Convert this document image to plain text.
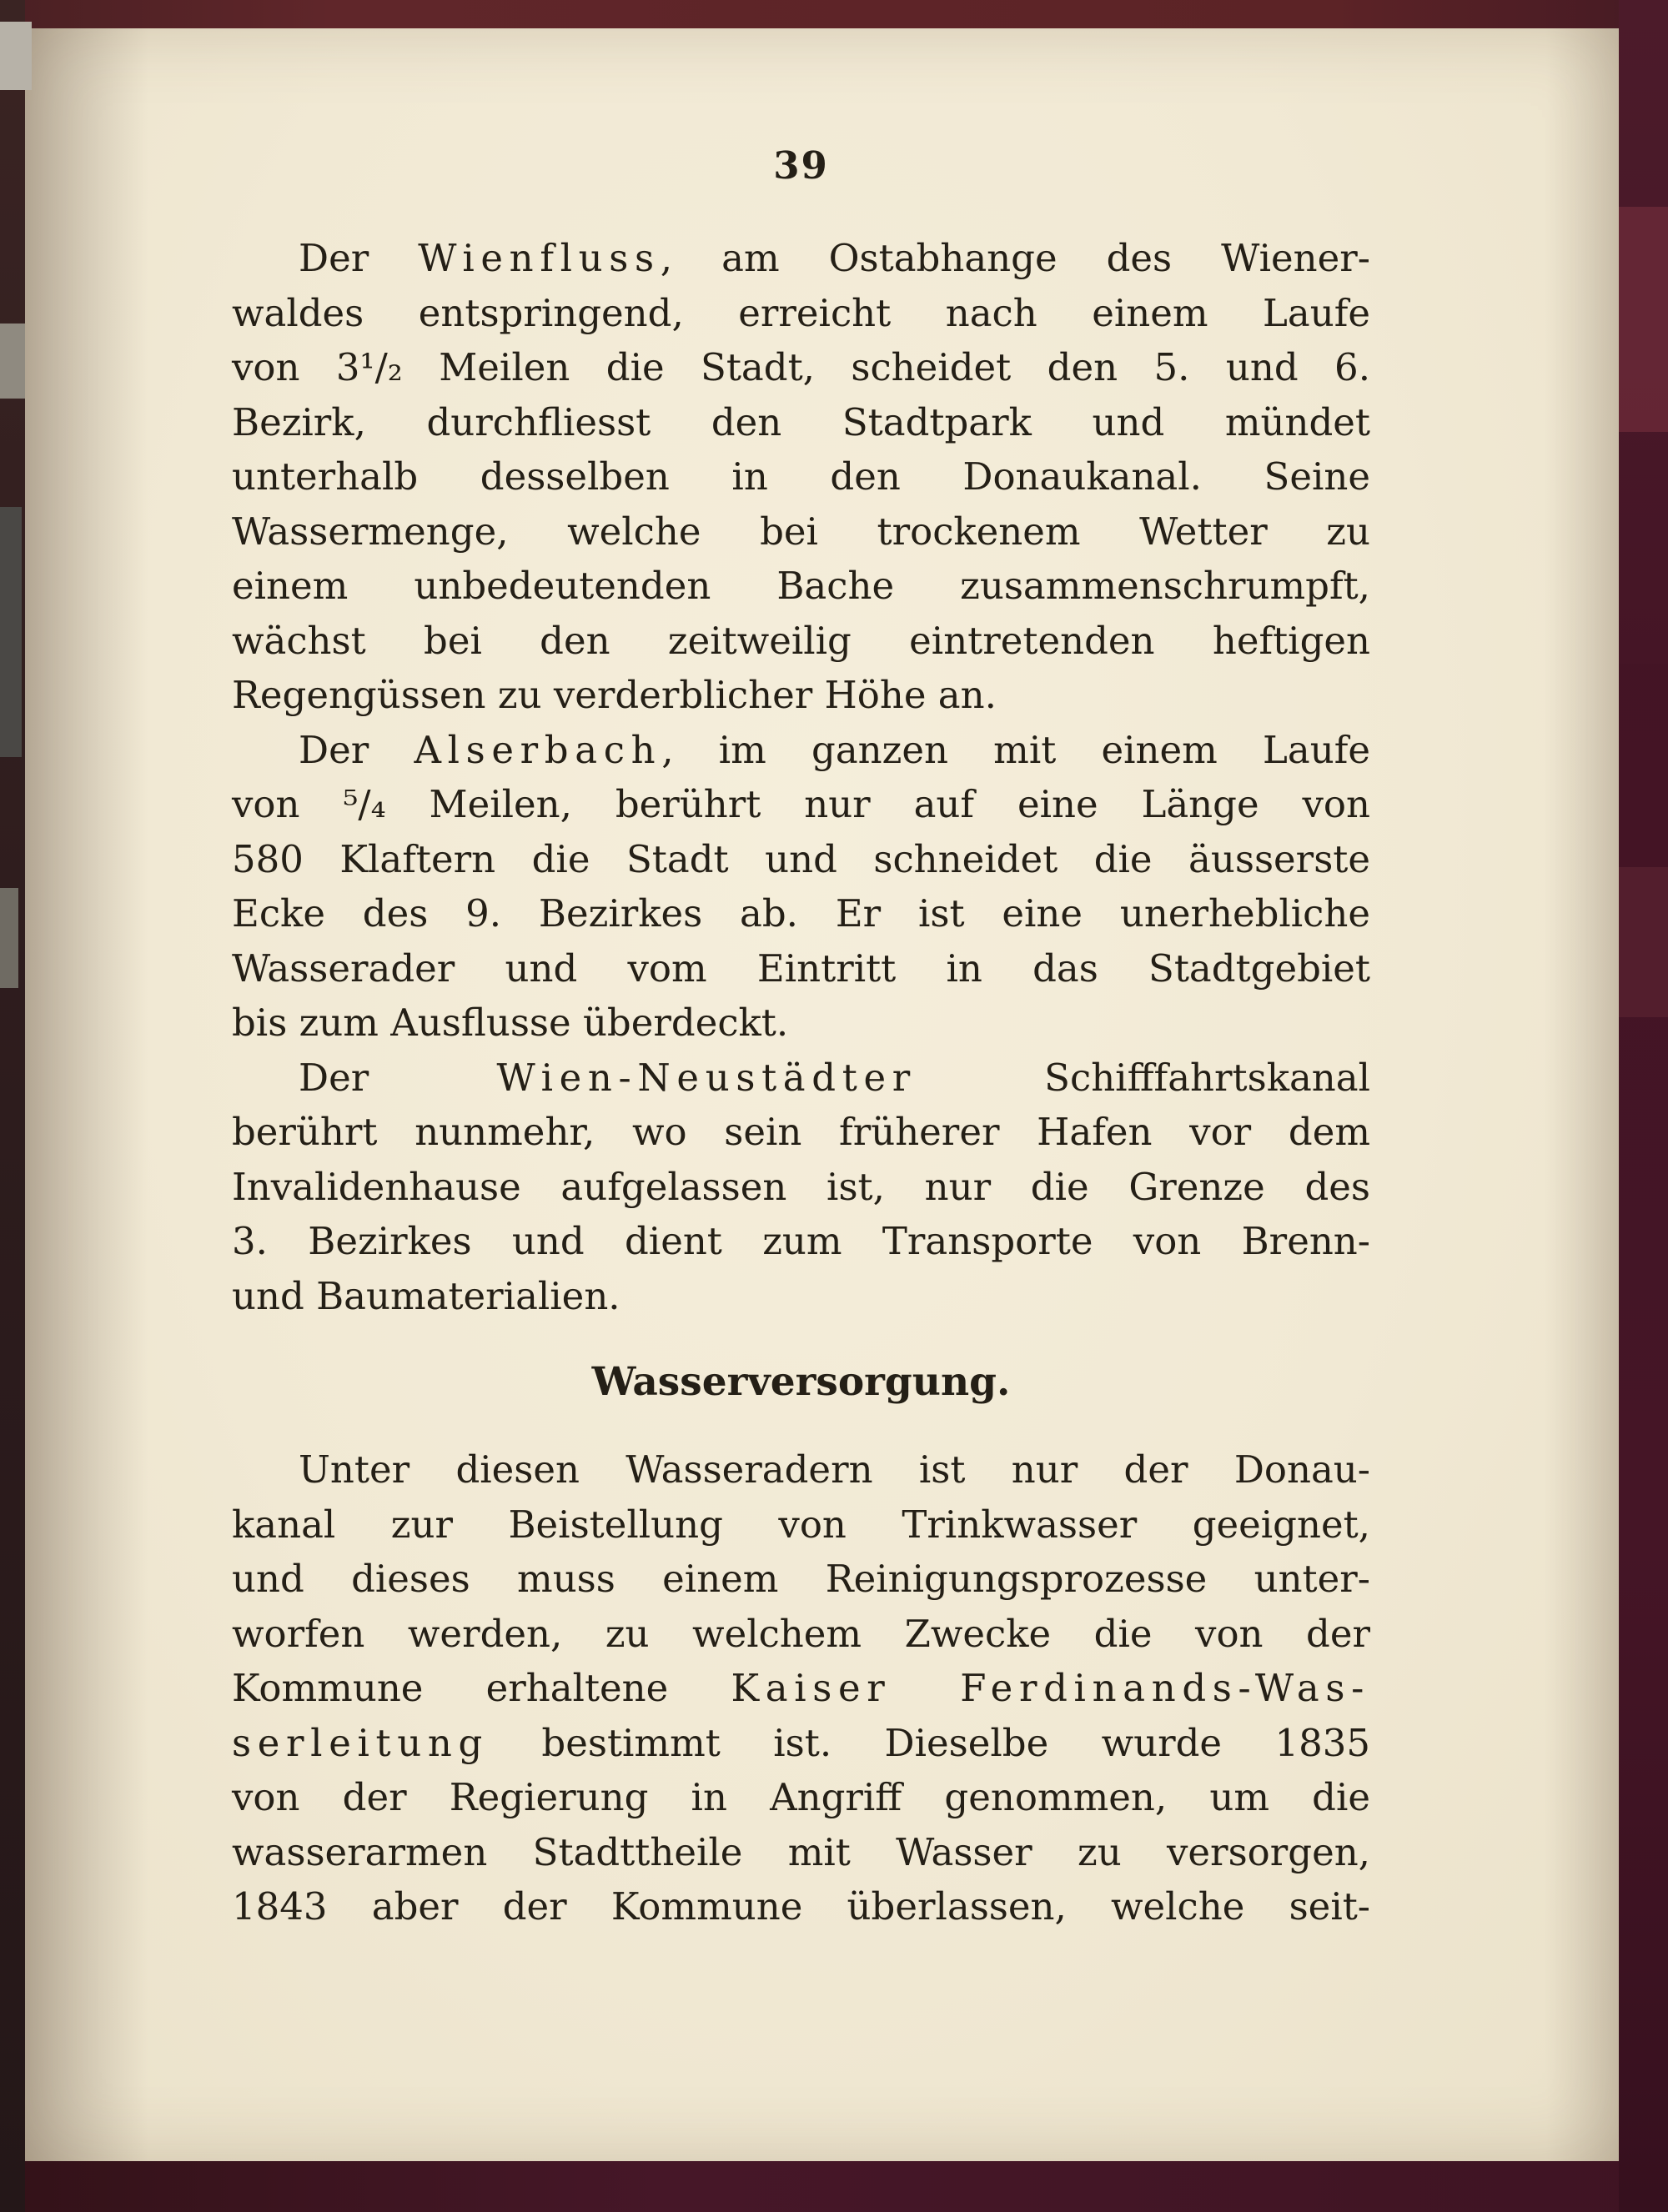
39
Der Wienfluss, am Ostabhange des Wiener-
waldes entspringend, erreicht nach einem Laufe
von 3¹/₂ Meilen die Stadt, scheidet den 5. und 6.
Bezirk, durchfliesst den Stadtpark und mündet
unterhalb desselben in den Donaukanal. Seine
Wassermenge, welche bei trockenem Wetter zu
einem unbedeutenden Bache zusammenschrumpft,
wächst bei den zeitweilig eintretenden heftigen
Regengüssen zu verderblicher Höhe an.
Der Alserbach, im ganzen mit einem Laufe
von ⁵/₄ Meilen, berührt nur auf eine Länge von
580 Klaftern die Stadt und schneidet die äusserste
Ecke des 9. Bezirkes ab. Er ist eine unerhebliche
Wasserader und vom Eintritt in das Stadtgebiet
bis zum Ausflusse überdeckt.
Der Wien-Neustädter Schifffahrtskanal
berührt nunmehr, wo sein früherer Hafen vor dem
Invalidenhause aufgelassen ist, nur die Grenze des
3. Bezirkes und dient zum Transporte von Brenn-
und Baumaterialien.
Wasserversorgung.
Unter diesen Wasseradern ist nur der Donau-
kanal zur Beistellung von Trinkwasser geeignet,
und dieses muss einem Reinigungsprozesse unter-
worfen werden, zu welchem Zwecke die von der
Kommune erhaltene Kaiser Ferdinands-Was-
serleitung bestimmt ist. Dieselbe wurde 1835
von der Regierung in Angriff genommen, um die
wasserarmen Stadttheile mit Wasser zu versorgen,
1843 aber der Kommune überlassen, welche seit-
